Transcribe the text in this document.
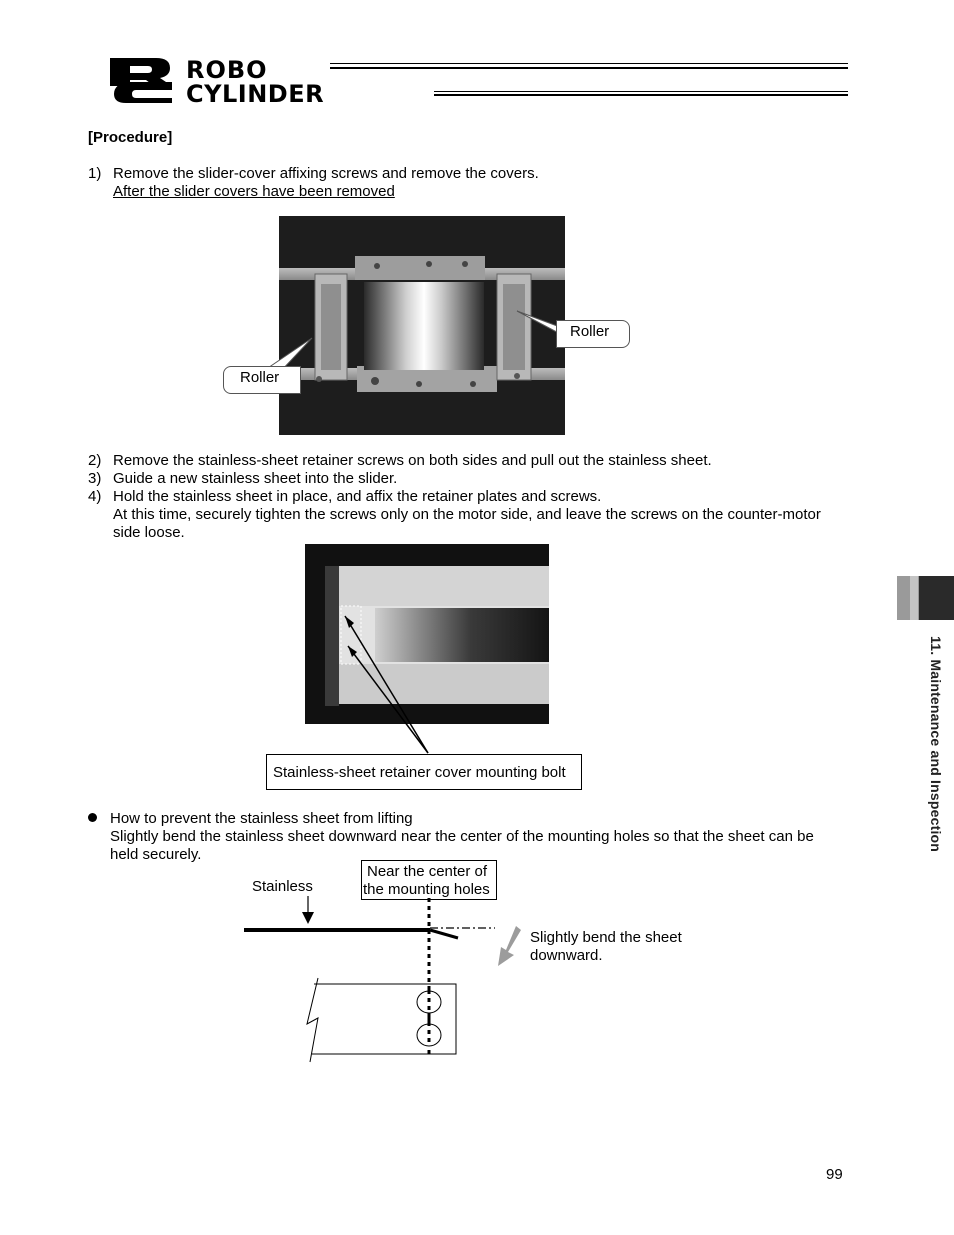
ROBO
CYLINDER
[Procedure]
1) Remove the slider-cover affixing screws and remove the covers.
After the slider covers have been removed
Roller
Roller
2) Remove the stainless-sheet retainer screws on both sides and pull out the stainless sheet.
3) Guide a new stainless sheet into the slider.
4) Hold the stainless sheet in place, and affix the retainer plates and screws.
At this time, securely tighten the screws only on the motor side, and leave the screws on the counter-motor
side loose.
Stainless-sheet retainer cover mounting bolt
How to prevent the stainless sheet from lifting
Slightly bend the stainless sheet downward near the center of the mounting holes so that the sheet can be
held securely.
Stainless
Near the center of
the mounting holes
Slightly bend the sheet
downward.
11. Maintenance and Inspection
99
